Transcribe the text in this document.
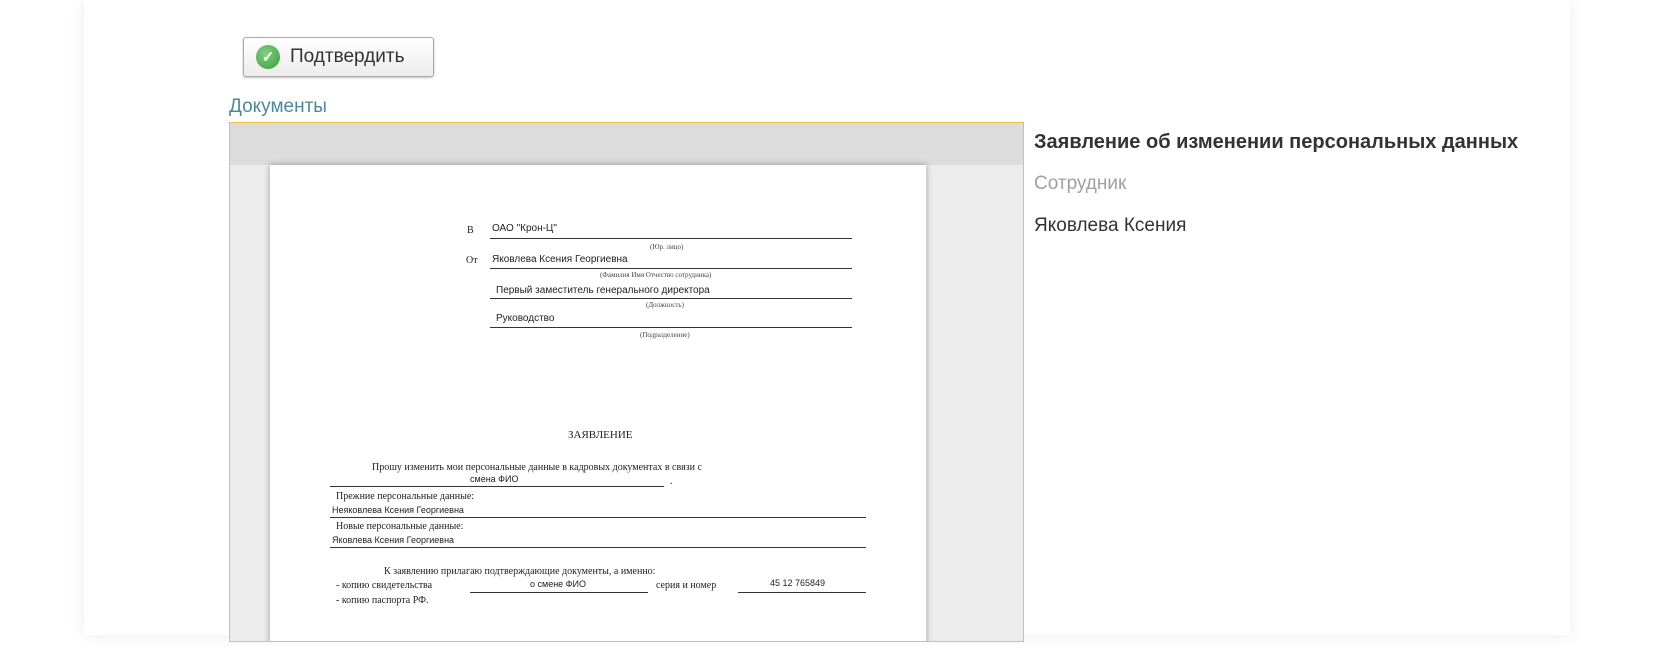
✓ Подтвердить
Документы
В ОАО "Крон-Ц"
(Юр. лицо)
От Яковлева Ксения Георгиевна
(Фамилия Имя Отчество сотрудника)
Первый заместитель генерального директора
(Должность)
Руководство
(Подразделение)
ЗАЯВЛЕНИЕ
Прошу изменить мои персональные данные в кадровых документах в связи с
смена ФИО	.
Прежние персональные данные:
Неяковлева Ксения Георгиевна
Новые персональные данные:
Яковлева Ксения Георгиевна
К заявлению прилагаю подтверждающие документы, а именно:
- копию свидетельства	о смене ФИО	серия и номер	45 12 765849
- копию паспорта РФ.
Заявление об изменении персональных данных
Сотрудник
Яковлева Ксения
